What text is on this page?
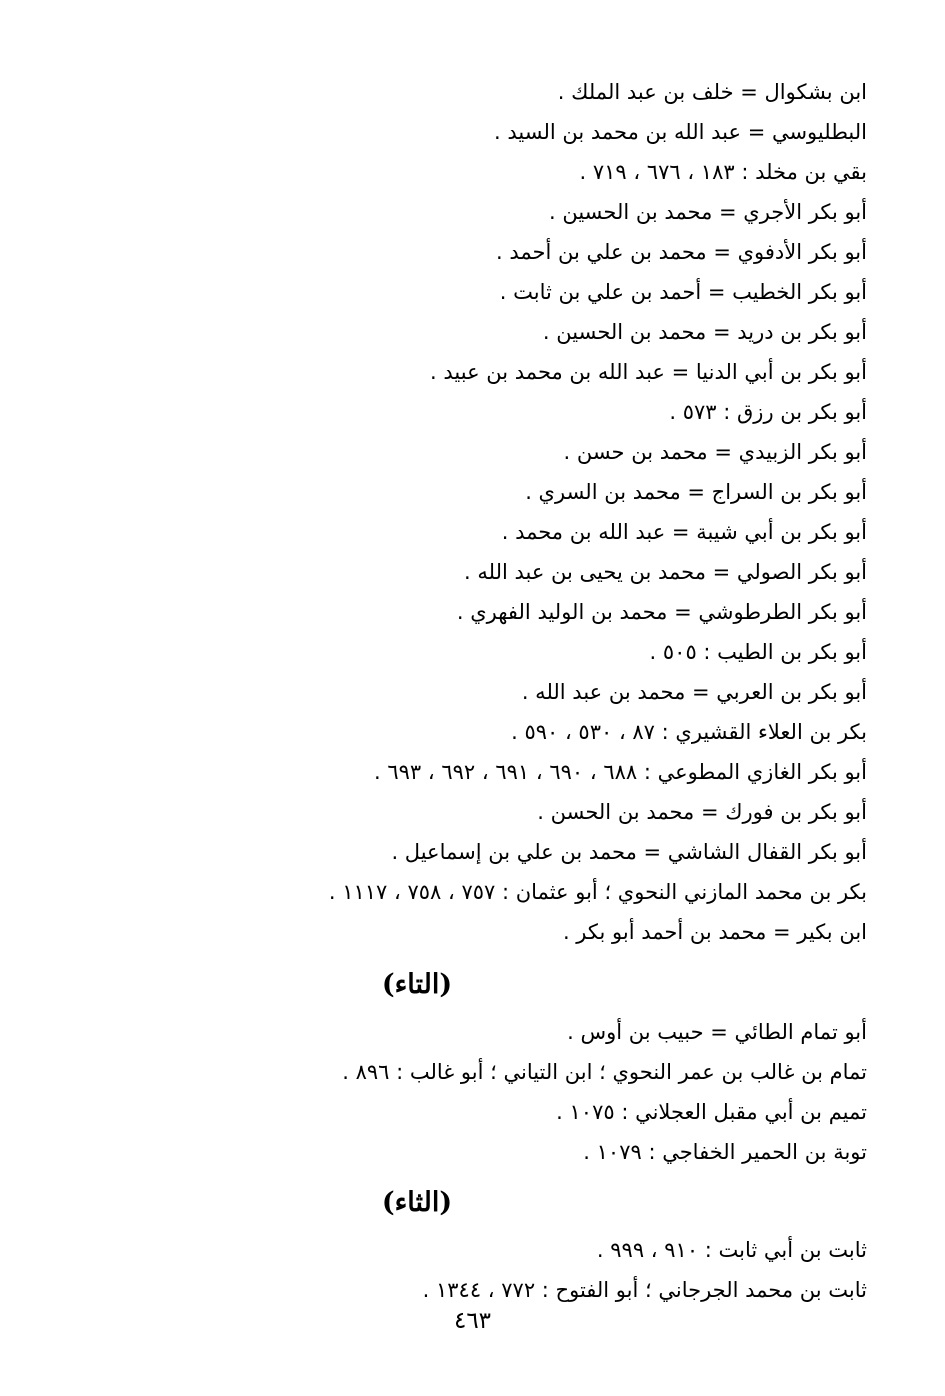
ابن بشكوال = خلف بن عبد الملك .
البطليوسي = عبد الله بن محمد بن السيد .
بقي بن مخلد : ١٨٣ ، ٦٧٦ ، ٧١٩ .
أبو بكر الأجري = محمد بن الحسين .
أبو بكر الأدفوي = محمد بن علي بن أحمد .
أبو بكر الخطيب = أحمد بن علي بن ثابت .
أبو بكر بن دريد = محمد بن الحسين .
أبو بكر بن أبي الدنيا = عبد الله بن محمد بن عبيد .
أبو بكر بن رزق : ٥٧٣ .
أبو بكر الزبيدي = محمد بن حسن .
أبو بكر بن السراج = محمد بن السري .
أبو بكر بن أبي شيبة = عبد الله بن محمد .
أبو بكر الصولي = محمد بن يحيى بن عبد الله .
أبو بكر الطرطوشي = محمد بن الوليد الفهري .
أبو بكر بن الطيب : ٥٠٥ .
أبو بكر بن العربي = محمد بن عبد الله .
بكر بن العلاء القشيري : ٨٧ ، ٥٣٠ ، ٥٩٠ .
أبو بكر الغازي المطوعي : ٦٨٨ ، ٦٩٠ ، ٦٩١ ، ٦٩٢ ، ٦٩٣ .
أبو بكر بن فورك = محمد بن الحسن .
أبو بكر القفال الشاشي = محمد بن علي بن إسماعيل .
بكر بن محمد المازني النحوي ؛ أبو عثمان : ٧٥٧ ، ٧٥٨ ، ١١١٧ .
ابن بكير = محمد بن أحمد أبو بكر .
(التاء)
أبو تمام الطائي = حبيب بن أوس .
تمام بن غالب بن عمر النحوي ؛ ابن التياني ؛ أبو غالب : ٨٩٦ .
تميم بن أبي مقبل العجلاني : ١٠٧٥ .
توبة بن الحمير الخفاجي : ١٠٧٩ .
(الثاء)
ثابت بن أبي ثابت : ٩١٠ ، ٩٩٩ .
ثابت بن محمد الجرجاني ؛ أبو الفتوح : ٧٧٢ ، ١٣٤٤ .
٤٦٣
